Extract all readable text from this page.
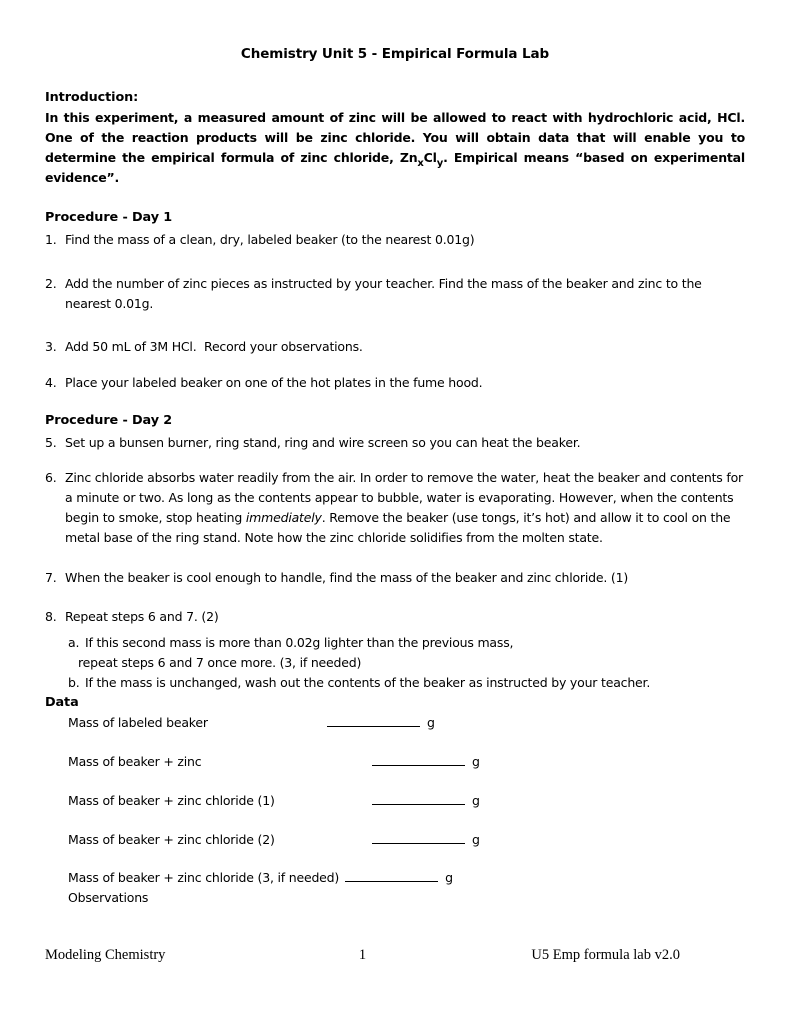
Chemistry Unit 5 - Empirical Formula Lab
Introduction:
In this experiment, a measured amount of zinc will be allowed to react with hydrochloric acid, HCl.
One of the reaction products will be zinc chloride. You will obtain data that will enable you to
determine the empirical formula of zinc chloride, $Zn_xCl_y$. Empirical means “based on experimental
evidence”.
Procedure - Day 1
1. Find the mass of a clean, dry, labeled beaker (to the nearest 0.01g)
2. Add the number of zinc pieces as instructed by your teacher. Find the mass of the beaker and zinc to the nearest 0.01g.
3. Add 50 mL of 3M HCl.  Record your observations.
4. Place your labeled beaker on one of the hot plates in the fume hood.
Procedure - Day 2
5. Set up a bunsen burner, ring stand, ring and wire screen so you can heat the beaker.
6. Zinc chloride absorbs water readily from the air. In order to remove the water, heat the beaker and contents for a minute or two. As long as the contents appear to bubble, water is evaporating. However, when the contents begin to smoke, stop heating immediately. Remove the beaker (use tongs, it’s hot) and allow it to cool on the metal base of the ring stand. Note how the zinc chloride solidifies from the molten state.
7. When the beaker is cool enough to handle, find the mass of the beaker and zinc chloride. (1)
8. Repeat steps 6 and 7. (2)
a. If this second mass is more than 0.02g lighter than the previous mass,
repeat steps 6 and 7 once more. (3, if needed)
b. If the mass is unchanged, wash out the contents of the beaker as instructed by your teacher.
Data
Mass of labeled beaker	g
Mass of beaker + zinc	g
Mass of beaker + zinc chloride (1)	g
Mass of beaker + zinc chloride (2)	g
Mass of beaker + zinc chloride (3, if needed)	g
Observations
Modeling Chemistry	1	U5 Emp formula lab v2.0
